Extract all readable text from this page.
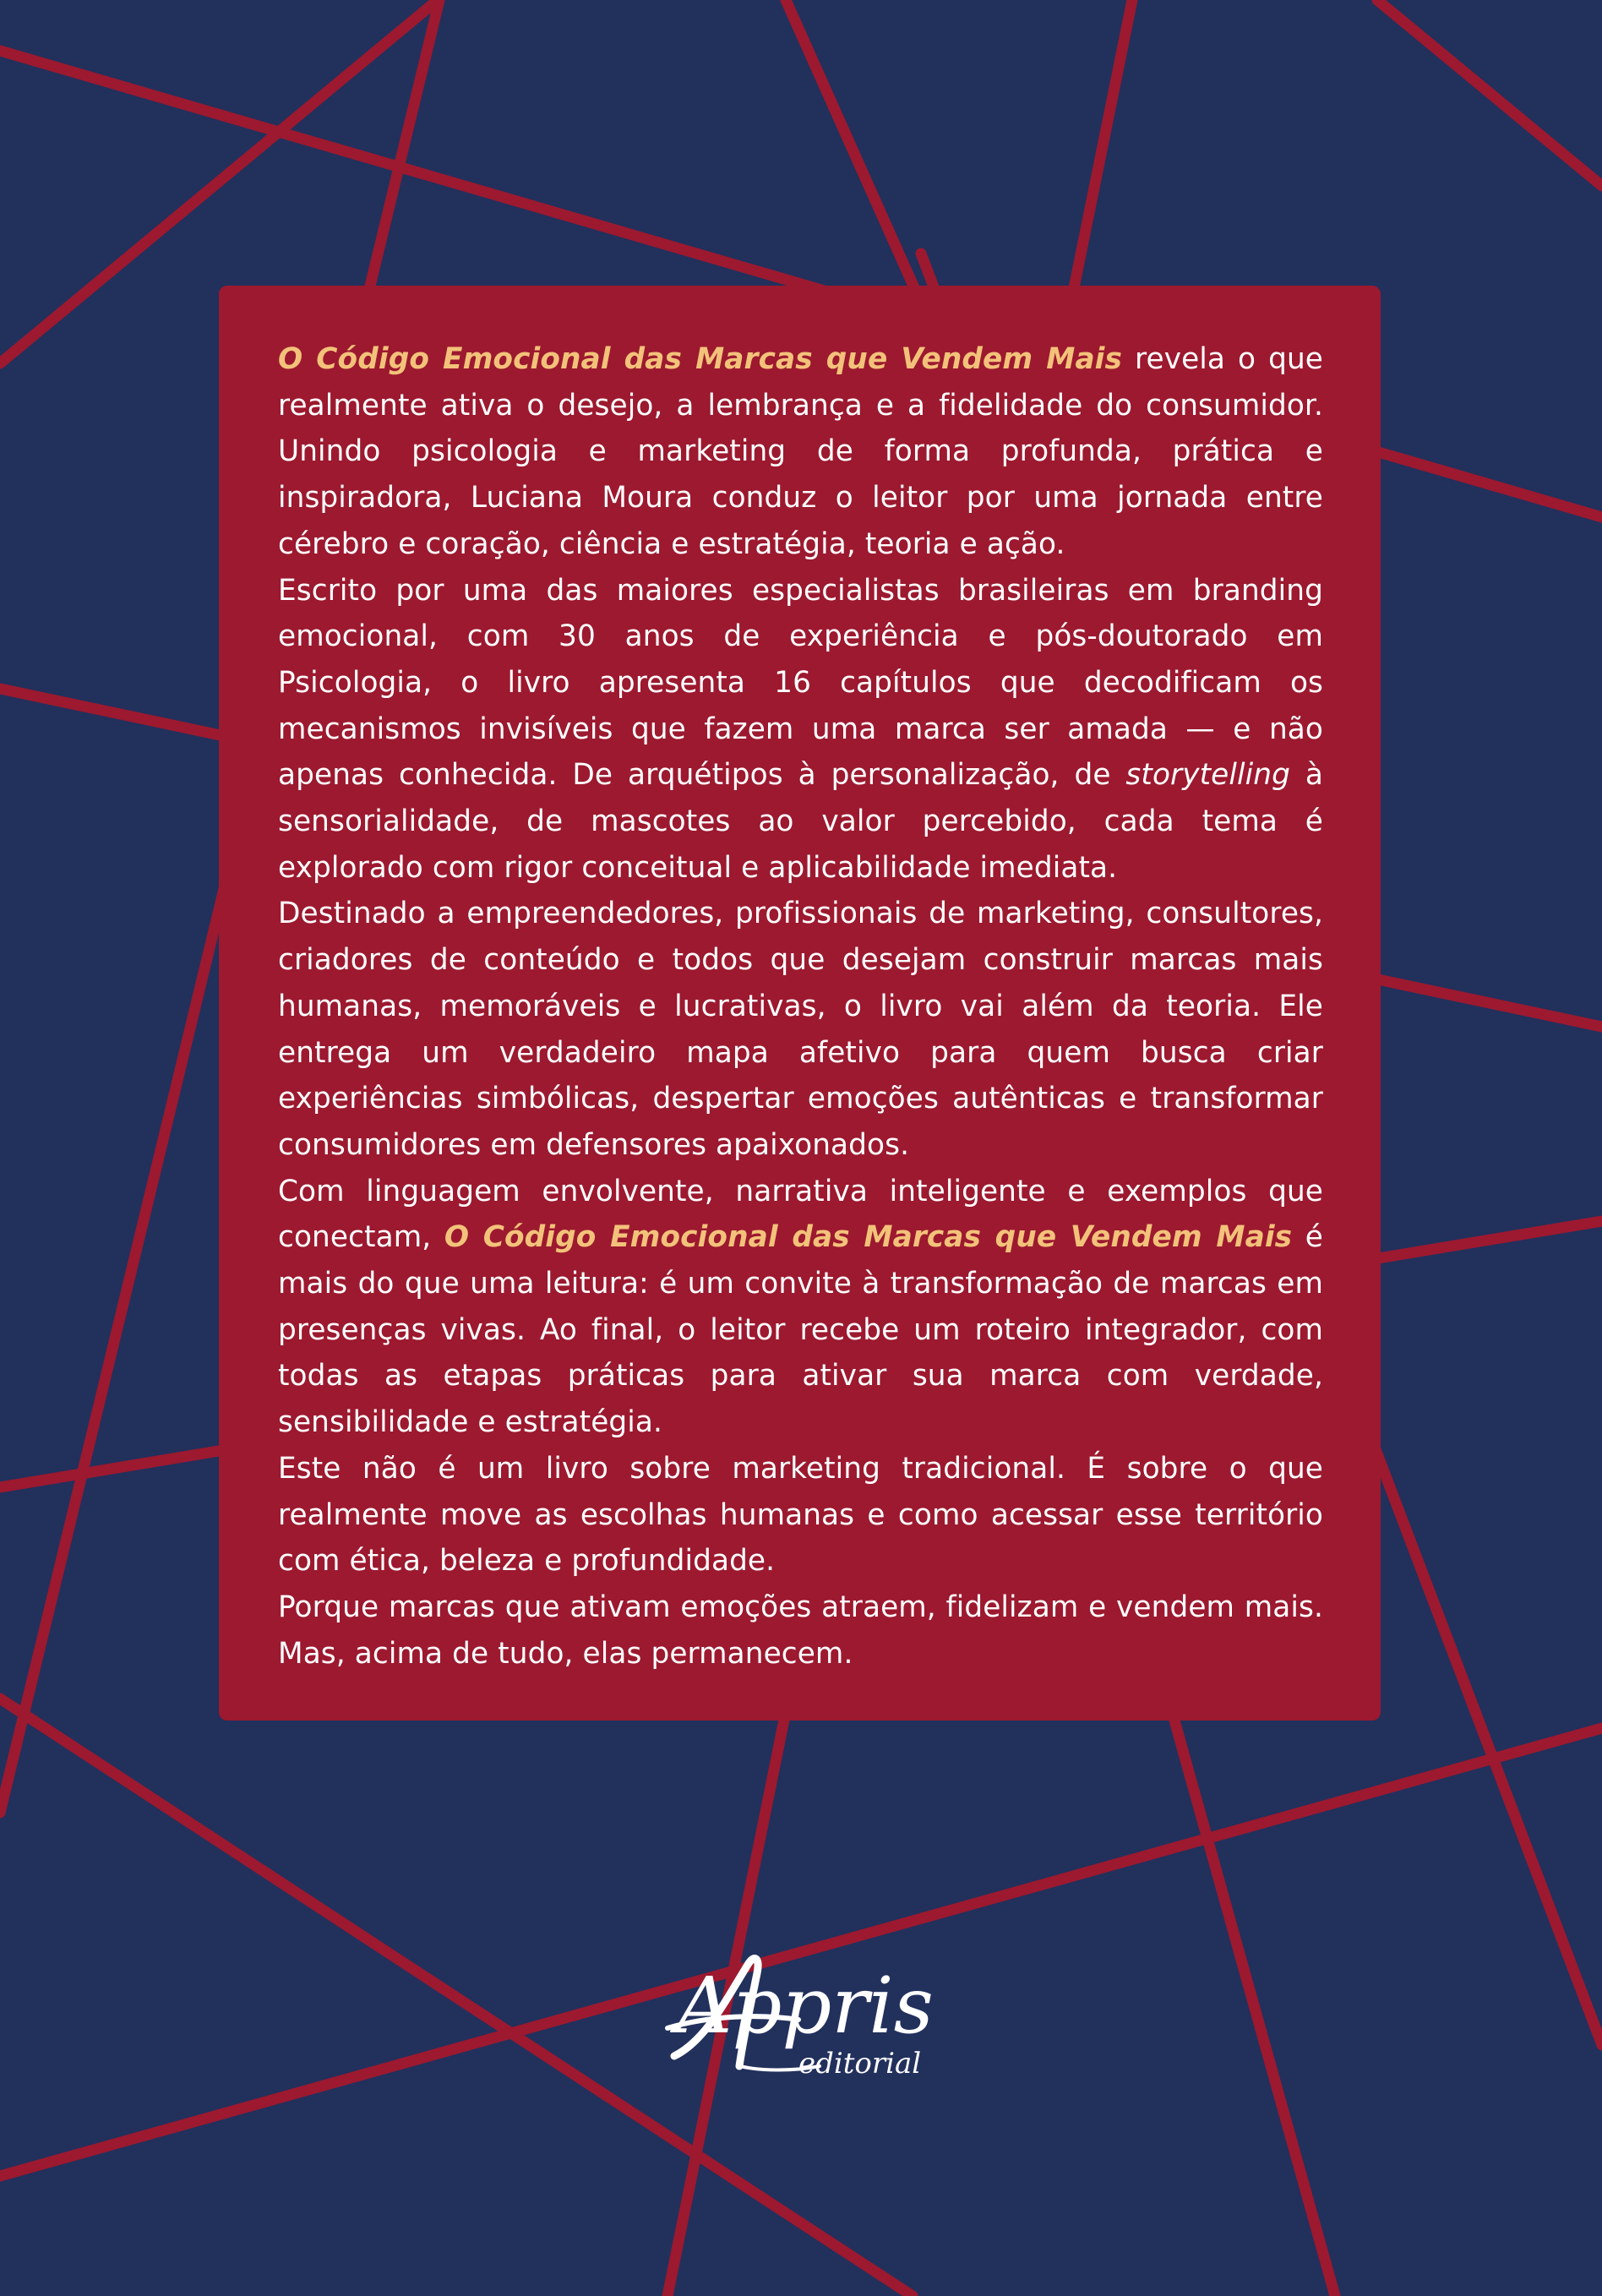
O Código Emocional das Marcas que Vendem Mais revela o que realmente ativa o desejo, a lembrança e a fidelidade do consumidor. Unindo psicologia e marketing de forma profunda, prática e inspiradora, Luciana Moura conduz o leitor por uma jornada entre cérebro e coração, ciência e estratégia, teoria e ação.

Escrito por uma das maiores especialistas brasileiras em branding emocional, com 30 anos de experiência e pós-doutorado em Psicologia, o livro apresenta 16 capítulos que decodificam os mecanismos invisíveis que fazem uma marca ser amada — e não apenas conhecida. De arquétipos à personalização, de storytelling à sensorialidade, de mascotes ao valor percebido, cada tema é explorado com rigor conceitual e aplicabilidade imediata.

Destinado a empreendedores, profissionais de marketing, consultores, criadores de conteúdo e todos que desejam construir marcas mais humanas, memoráveis e lucrativas, o livro vai além da teoria. Ele entrega um verdadeiro mapa afetivo para quem busca criar experiências simbólicas, despertar emoções autênticas e transformar consumidores em defensores apaixonados.

Com linguagem envolvente, narrativa inteligente e exemplos que conectam, O Código Emocional das Marcas que Vendem Mais é mais do que uma leitura: é um convite à transformação de marcas em presenças vivas. Ao final, o leitor recebe um roteiro integrador, com todas as etapas práticas para ativar sua marca com verdade, sensibilidade e estratégia.

Este não é um livro sobre marketing tradicional. É sobre o que realmente move as escolhas humanas e como acessar esse território com ética, beleza e profundidade.

Porque marcas que ativam emoções atraem, fidelizam e vendem mais. Mas, acima de tudo, elas permanecem.

Appris
editorial
